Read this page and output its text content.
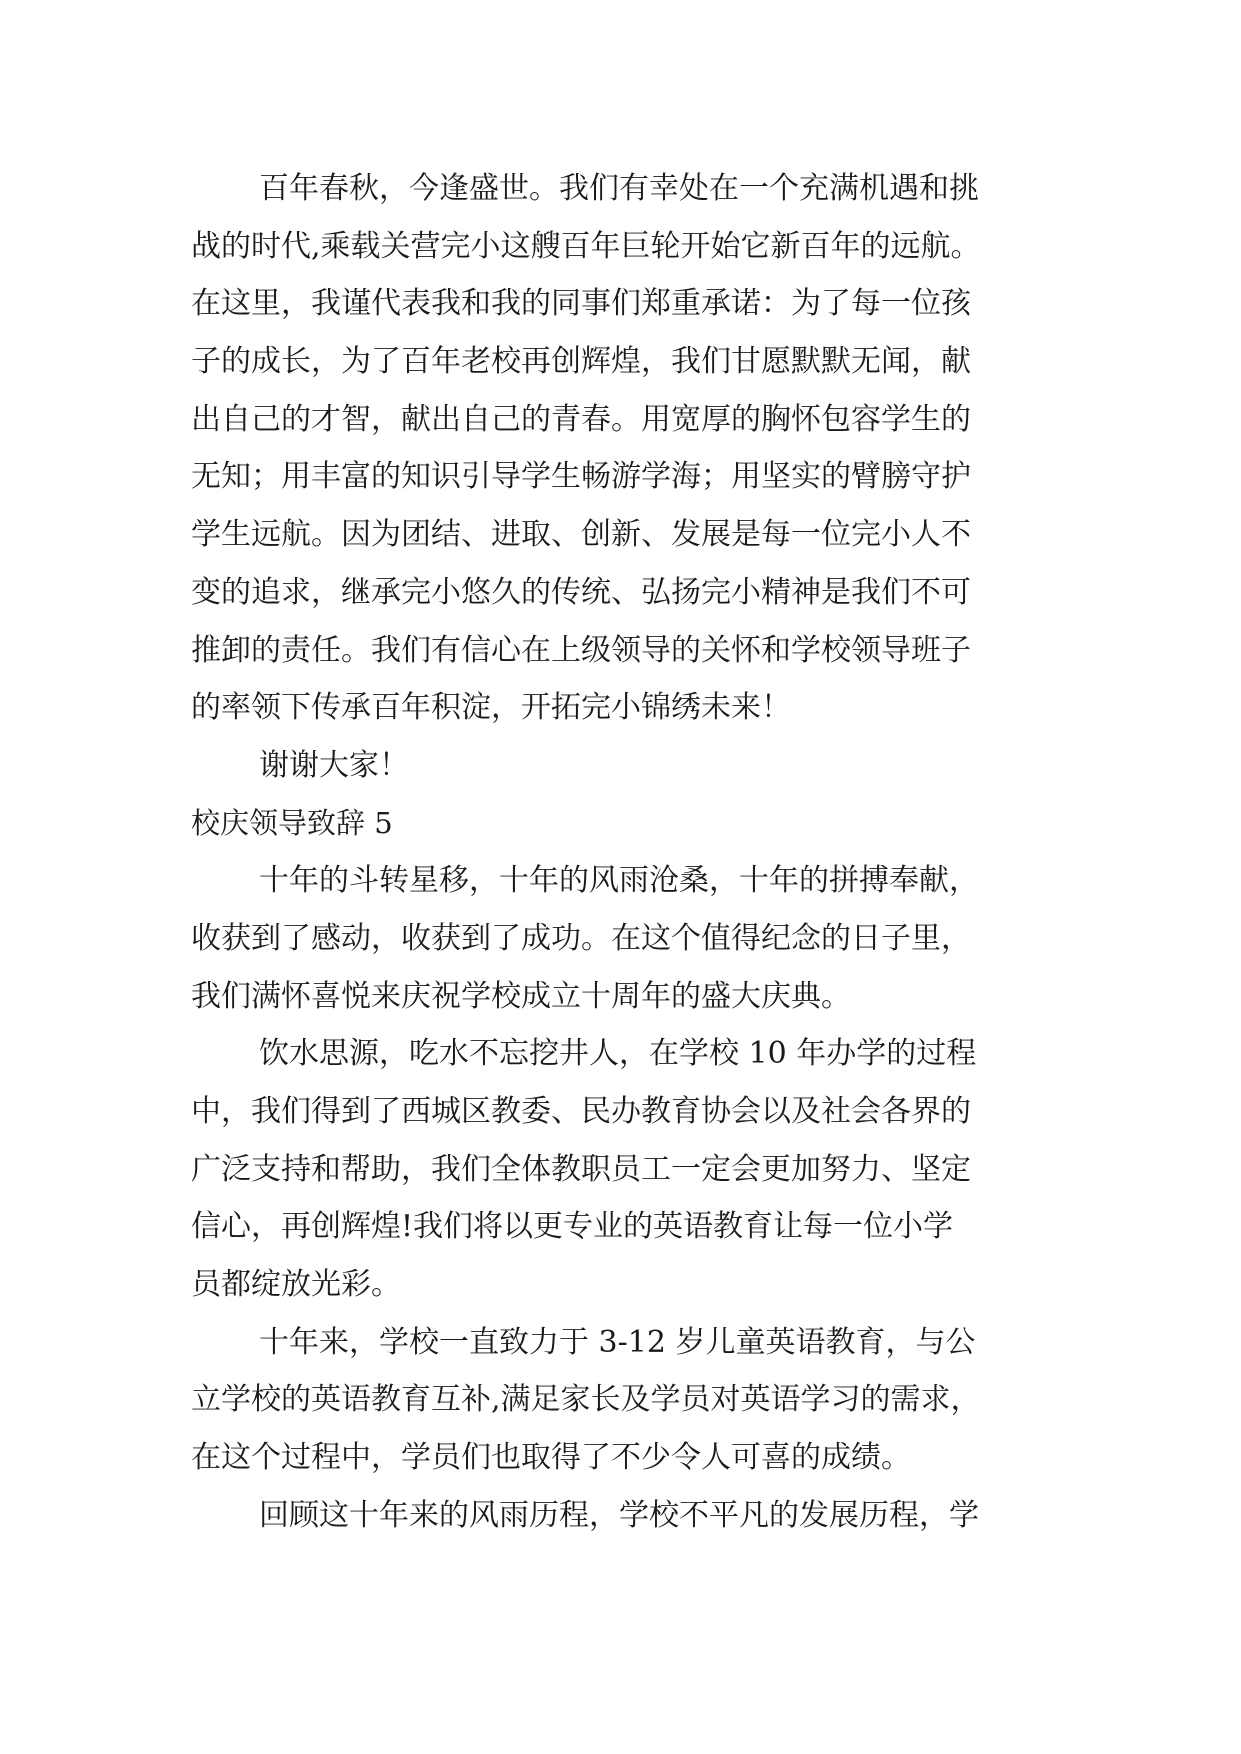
百年春秋，今逢盛世。我们有幸处在一个充满机遇和挑
战的时代,乘载关营完小这艘百年巨轮开始它新百年的远航。
在这里，我谨代表我和我的同事们郑重承诺：为了每一位孩
子的成长，为了百年老校再创辉煌，我们甘愿默默无闻，献
出自己的才智，献出自己的青春。用宽厚的胸怀包容学生的
无知；用丰富的知识引导学生畅游学海；用坚实的臂膀守护
学生远航。因为团结、进取、创新、发展是每一位完小人不
变的追求，继承完小悠久的传统、弘扬完小精神是我们不可
推卸的责任。我们有信心在上级领导的关怀和学校领导班子
的率领下传承百年积淀，开拓完小锦绣未来！
谢谢大家！
校庆领导致辞 5
十年的斗转星移，十年的风雨沧桑，十年的拼搏奉献，
收获到了感动，收获到了成功。在这个值得纪念的日子里，
我们满怀喜悦来庆祝学校成立十周年的盛大庆典。
饮水思源，吃水不忘挖井人，在学校 10 年办学的过程
中，我们得到了西城区教委、民办教育协会以及社会各界的
广泛支持和帮助，我们全体教职员工一定会更加努力、坚定
信心，再创辉煌!我们将以更专业的英语教育让每一位小学
员都绽放光彩。
十年来，学校一直致力于 3-12 岁儿童英语教育，与公
立学校的英语教育互补,满足家长及学员对英语学习的需求，
在这个过程中，学员们也取得了不少令人可喜的成绩。
回顾这十年来的风雨历程，学校不平凡的发展历程，学
